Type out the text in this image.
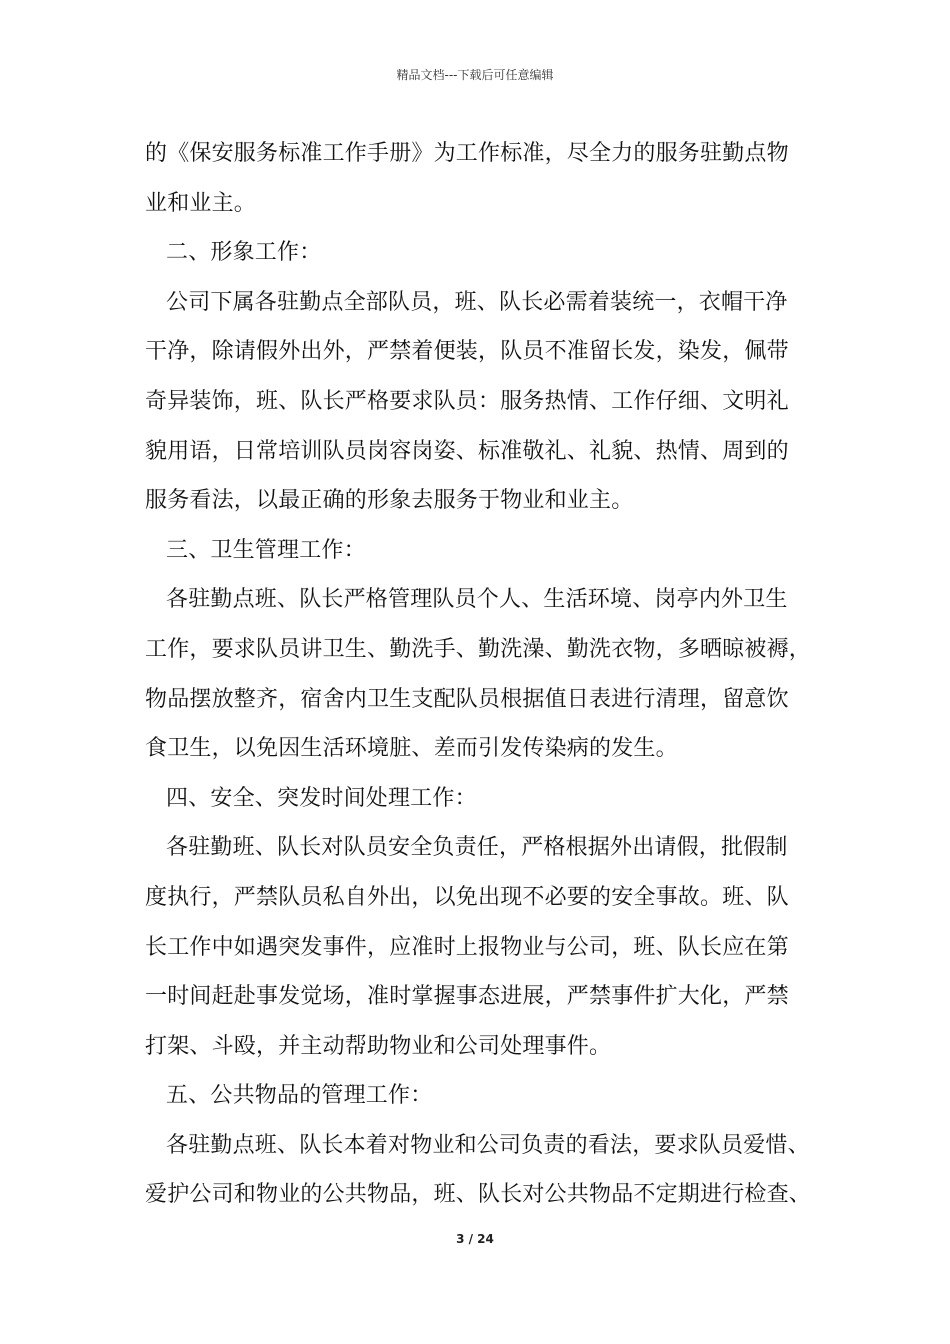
精品文档---下载后可任意编辑
的《保安服务标准工作手册》为工作标准，尽全力的服务驻勤点物
业和业主。
二、形象工作：
公司下属各驻勤点全部队员，班、队长必需着装统一，衣帽干净
干净，除请假外出外，严禁着便装，队员不准留长发，染发，佩带
奇异装饰，班、队长严格要求队员：服务热情、工作仔细、文明礼
貌用语，日常培训队员岗容岗姿、标准敬礼、礼貌、热情、周到的
服务看法，以最正确的形象去服务于物业和业主。
三、卫生管理工作：
各驻勤点班、队长严格管理队员个人、生活环境、岗亭内外卫生
工作，要求队员讲卫生、勤洗手、勤洗澡、勤洗衣物，多晒晾被褥，
物品摆放整齐，宿舍内卫生支配队员根据值日表进行清理，留意饮
食卫生，以免因生活环境脏、差而引发传染病的发生。
四、安全、突发时间处理工作：
各驻勤班、队长对队员安全负责任，严格根据外出请假，批假制
度执行，严禁队员私自外出，以免出现不必要的安全事故。班、队
长工作中如遇突发事件，应准时上报物业与公司，班、队长应在第
一时间赶赴事发觉场，准时掌握事态进展，严禁事件扩大化，严禁
打架、斗殴，并主动帮助物业和公司处理事件。
五、公共物品的管理工作：
各驻勤点班、队长本着对物业和公司负责的看法，要求队员爱惜、
爱护公司和物业的公共物品，班、队长对公共物品不定期进行检查、
3 / 24
